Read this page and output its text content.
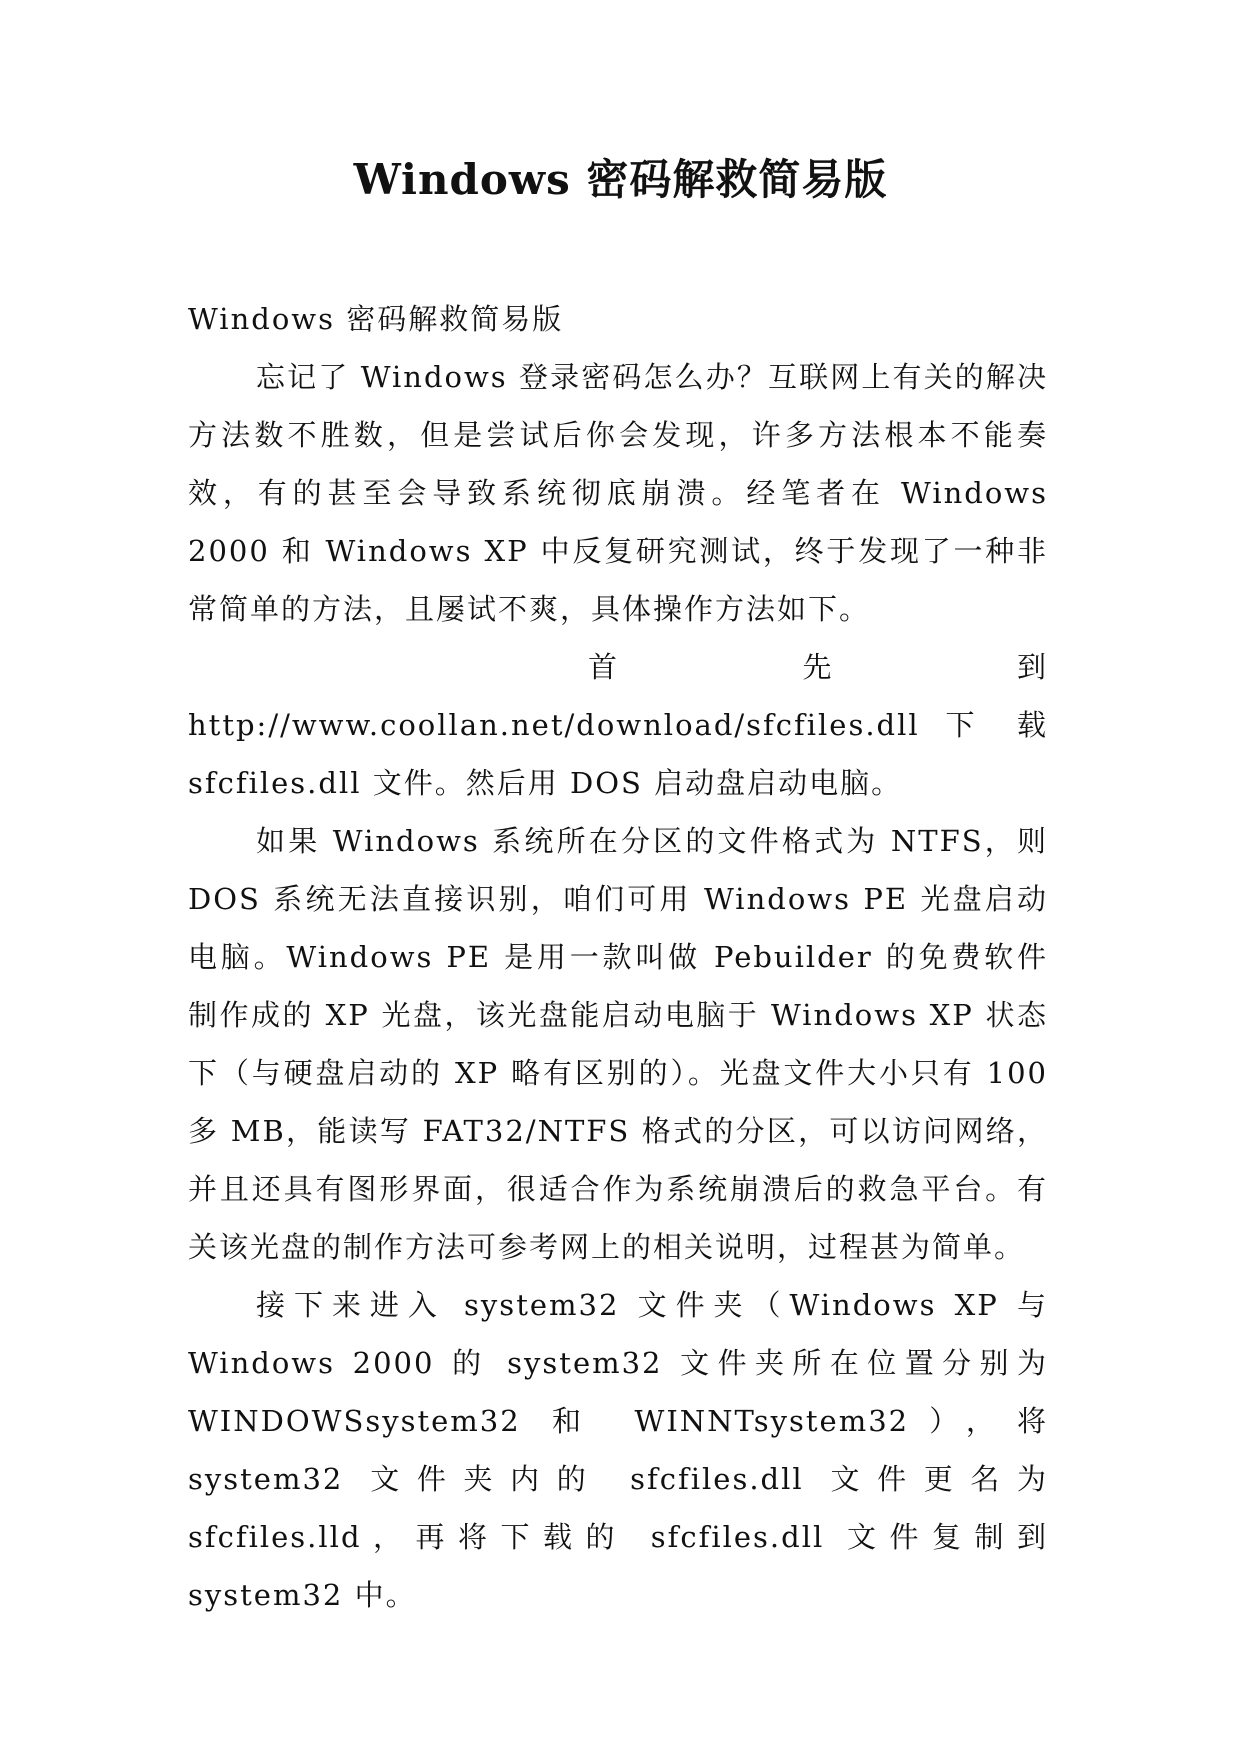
Windows 密码解救简易版

Windows 密码解救简易版

忘记了 Windows 登录密码怎么办？互联网上有关的解决方法数不胜数，但是尝试后你会发现，许多方法根本不能奏效，有的甚至会导致系统彻底崩溃。经笔者在 Windows 2000 和 Windows XP 中反复研究测试，终于发现了一种非常简单的方法，且屡试不爽，具体操作方法如下。

首 先 到

http://www.coollan.net/download/sfcfiles.dll 下 载

sfcfiles.dll 文件。然后用 DOS 启动盘启动电脑。

如果 Windows 系统所在分区的文件格式为 NTFS，则 DOS 系统无法直接识别，咱们可用 Windows PE 光盘启动电脑。Windows PE 是用一款叫做 Pebuilder 的免费软件制作成的 XP 光盘，该光盘能启动电脑于 Windows XP 状态下（与硬盘启动的 XP 略有区别的）。光盘文件大小只有 100 多 MB，能读写 FAT32/NTFS 格式的分区，可以访问网络，并且还具有图形界面，很适合作为系统崩溃后的救急平台。有关该光盘的制作方法可参考网上的相关说明，过程甚为简单。

接下来进入 system32 文件夹（Windows XP 与 Windows 2000 的 system32 文件夹所在位置分别为 WINDOWSsystem32 和 WINNTsystem32），将 system32 文件夹内的 sfcfiles.dll 文件更名为 sfcfiles.lld，再将下载的 sfcfiles.dll 文件复制到 system32 中。
